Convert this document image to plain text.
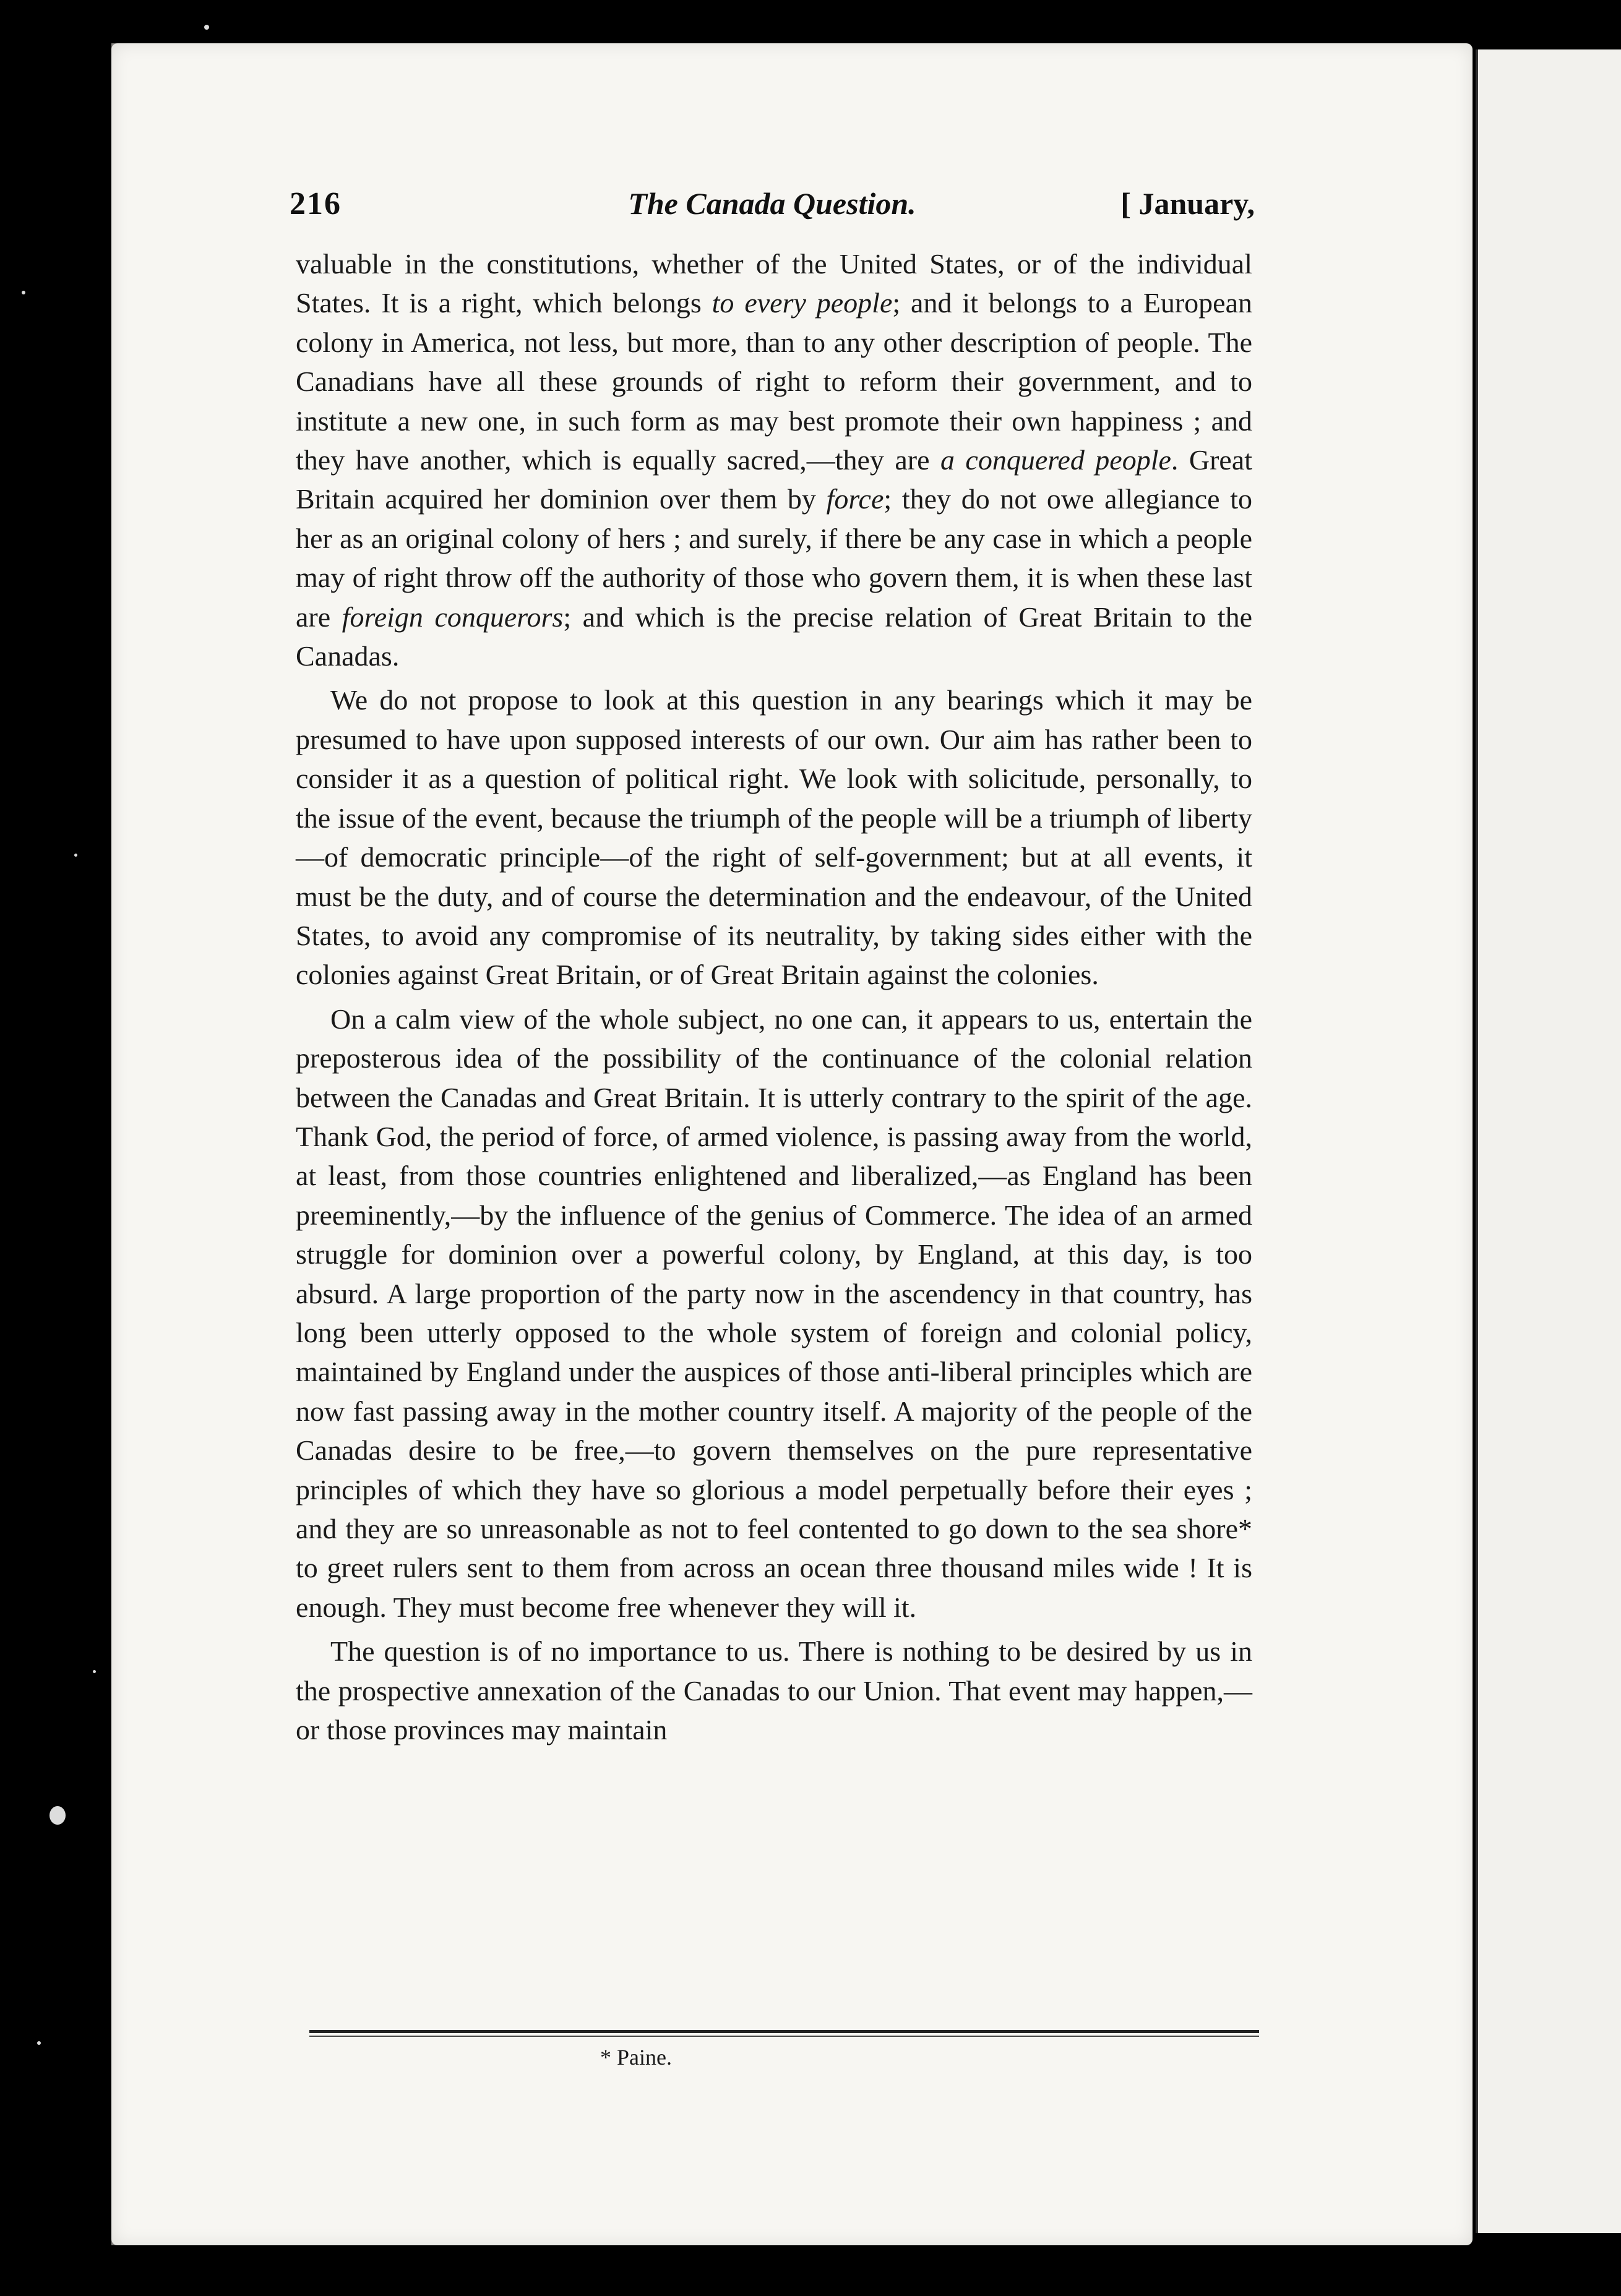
216	The Canada Question.	[ January,

valuable in the constitutions, whether of the United States, or of the individual States. It is a right, which belongs to every people; and it belongs to a European colony in America, not less, but more, than to any other description of people. The Canadians have all these grounds of right to reform their government, and to institute a new one, in such form as may best promote their own happiness ; and they have another, which is equally sacred,—they are a conquered people. Great Britain acquired her dominion over them by force; they do not owe allegiance to her as an original colony of hers ; and surely, if there be any case in which a people may of right throw off the authority of those who govern them, it is when these last are foreign conquerors; and which is the precise relation of Great Britain to the Canadas.

We do not propose to look at this question in any bearings which it may be presumed to have upon supposed interests of our own. Our aim has rather been to consider it as a question of political right. We look with solicitude, personally, to the issue of the event, because the triumph of the people will be a triumph of liberty —of democratic principle—of the right of self-government; but at all events, it must be the duty, and of course the determination and the endeavour, of the United States, to avoid any compromise of its neutrality, by taking sides either with the colonies against Great Britain, or of Great Britain against the colonies.

On a calm view of the whole subject, no one can, it appears to us, entertain the preposterous idea of the possibility of the continuance of the colonial relation between the Canadas and Great Britain. It is utterly contrary to the spirit of the age. Thank God, the period of force, of armed violence, is passing away from the world, at least, from those countries enlightened and liberalized,—as England has been preeminently,—by the influence of the genius of Commerce. The idea of an armed struggle for dominion over a powerful colony, by England, at this day, is too absurd. A large proportion of the party now in the ascendency in that country, has long been utterly opposed to the whole system of foreign and colonial policy, maintained by England under the auspices of those anti-liberal principles which are now fast passing away in the mother country itself. A majority of the people of the Canadas desire to be free,—to govern themselves on the pure representative principles of which they have so glorious a model perpetually before their eyes ; and they are so unreasonable as not to feel contented to go down to the sea shore* to greet rulers sent to them from across an ocean three thousand miles wide ! It is enough. They must become free whenever they will it.

The question is of no importance to us. There is nothing to be desired by us in the prospective annexation of the Canadas to our Union. That event may happen,—or those provinces may maintain

* Paine.
